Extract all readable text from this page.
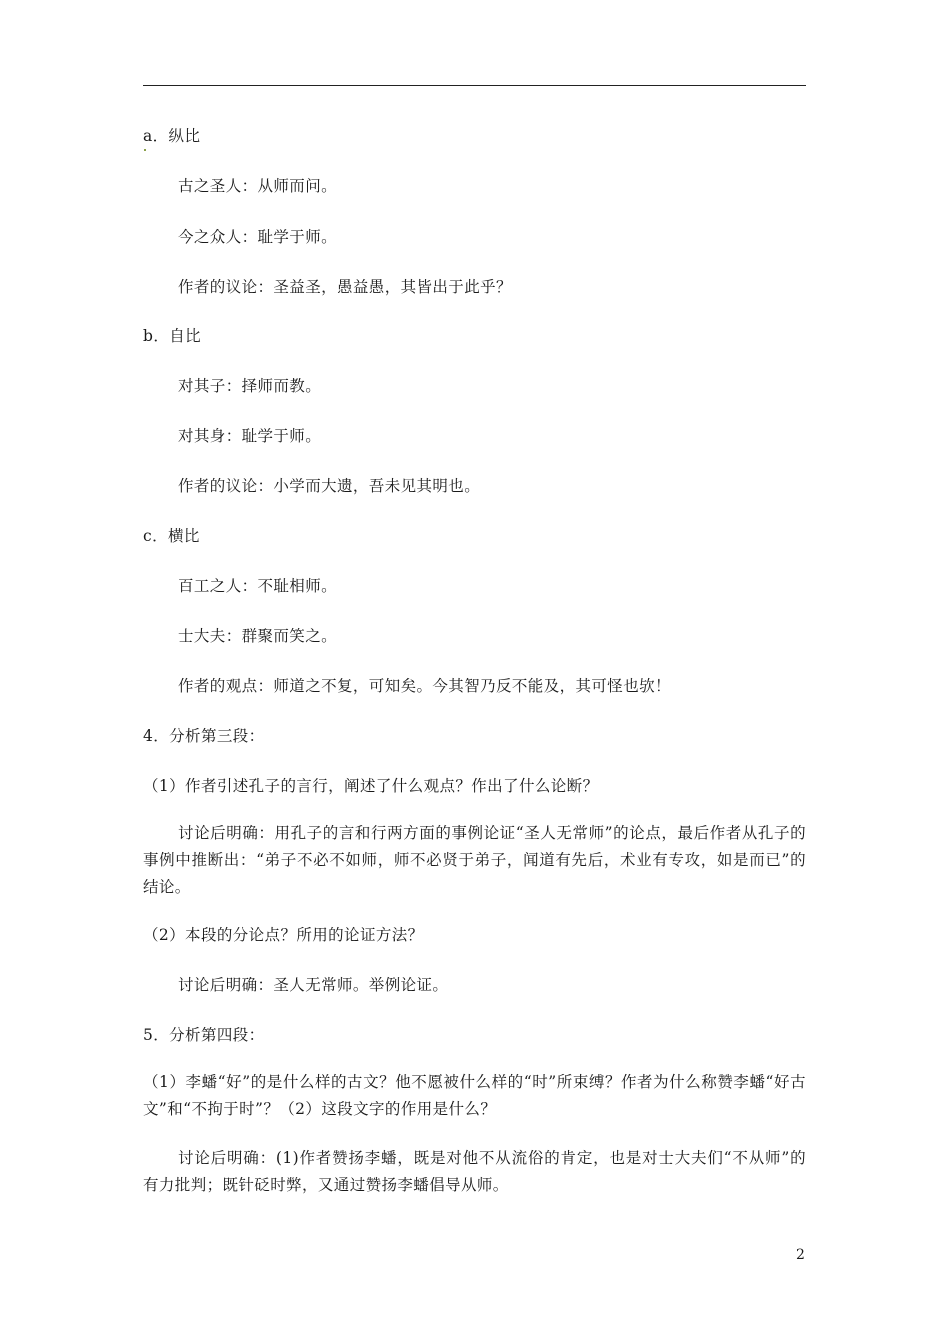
a．纵比
古之圣人：从师而问。
今之众人：耻学于师。
作者的议论：圣益圣，愚益愚，其皆出于此乎？
b．自比
对其子：择师而教。
对其身：耻学于师。
作者的议论：小学而大遗，吾未见其明也。
c．横比
百工之人：不耻相师。
士大夫：群聚而笑之。
作者的观点：师道之不复，可知矣。今其智乃反不能及，其可怪也欤！
4．分析第三段：
（1）作者引述孔子的言行，阐述了什么观点？作出了什么论断？
讨论后明确：用孔子的言和行两方面的事例论证“圣人无常师”的论点，最后作者从孔子的事例中推断出：“弟子不必不如师，师不必贤于弟子，闻道有先后，术业有专攻，如是而已”的结论。
（2）本段的分论点？所用的论证方法？
讨论后明确：圣人无常师。举例论证。
5．分析第四段：
（1）李蟠“好”的是什么样的古文？他不愿被什么样的“时”所束缚？作者为什么称赞李蟠“好古文”和“不拘于时”？（2）这段文字的作用是什么？
讨论后明确：(1)作者赞扬李蟠，既是对他不从流俗的肯定，也是对士大夫们“不从师”的有力批判；既针砭时弊，又通过赞扬李蟠倡导从师。
2
